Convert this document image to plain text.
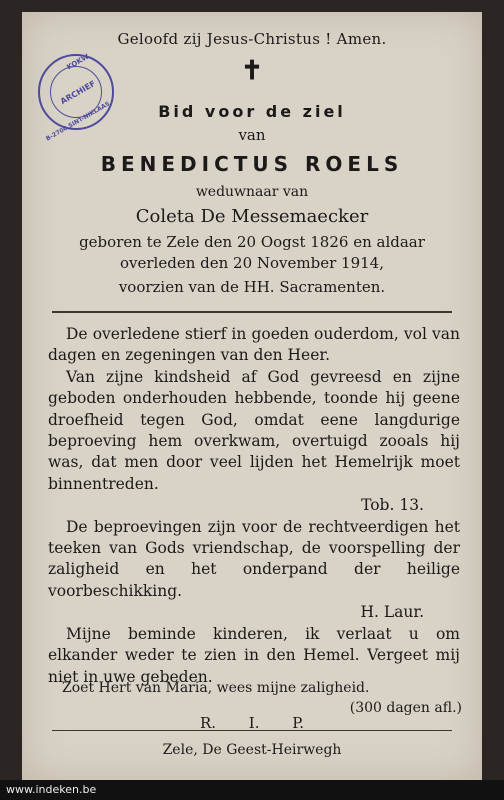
KOKW
ARCHIEF
B-2700 SINT-NIKLAAS
Geloofd zij Jesus-Christus ! Amen.
✝
Bid voor de ziel
van
BENEDICTUS ROELS
weduwnaar van
Coleta De Messemaecker
geboren te Zele den 20 Oogst 1826 en aldaar
overleden den 20 November 1914,
voorzien van de HH. Sacramenten.
De overledene stierf in goeden ouderdom, vol van dagen en zegeningen van den Heer.
Van zijne kindsheid af God gevreesd en zijne geboden onderhouden hebbende, toonde hij geene droefheid tegen God, omdat eene langdurige beproeving hem overkwam, overtuigd zooals hij was, dat men door veel lijden het Hemelrijk moet binnentreden.
Tob. 13.
De beproevingen zijn voor de rechtveerdigen het teeken van Gods vriendschap, de voorspelling der zaligheid en het onderpand der heilige voorbeschikking.
H. Laur.
Mijne beminde kinderen, ik verlaat u om elkander weder te zien in den Hemel. Vergeet mij niet in uwe gebeden.
Zoet Hert van Maria, wees mijne zaligheid.
(300 dagen afl.)
R. I. P.
Zele, De Geest-Heirwegh
www.indeken.be
